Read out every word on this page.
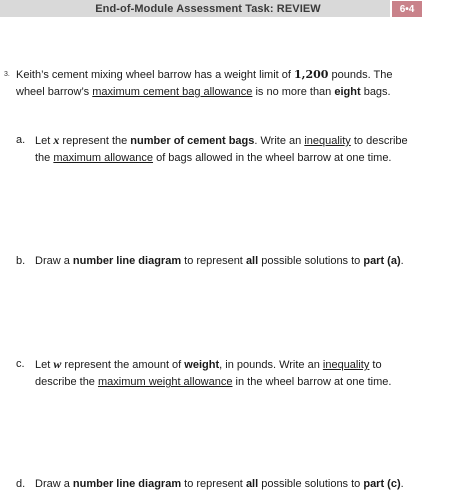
End-of-Module Assessment Task: REVIEW	6•4
3. Keith’s cement mixing wheel barrow has a weight limit of 1,200 pounds. The
wheel barrow’s maximum cement bag allowance is no more than eight bags.
a. Let x represent the number of cement bags. Write an inequality to describe
the maximum allowance of bags allowed in the wheel barrow at one time.
b. Draw a number line diagram to represent all possible solutions to part (a).
c. Let w represent the amount of weight, in pounds. Write an inequality to
describe the maximum weight allowance in the wheel barrow at one time.
d. Draw a number line diagram to represent all possible solutions to part (c).
